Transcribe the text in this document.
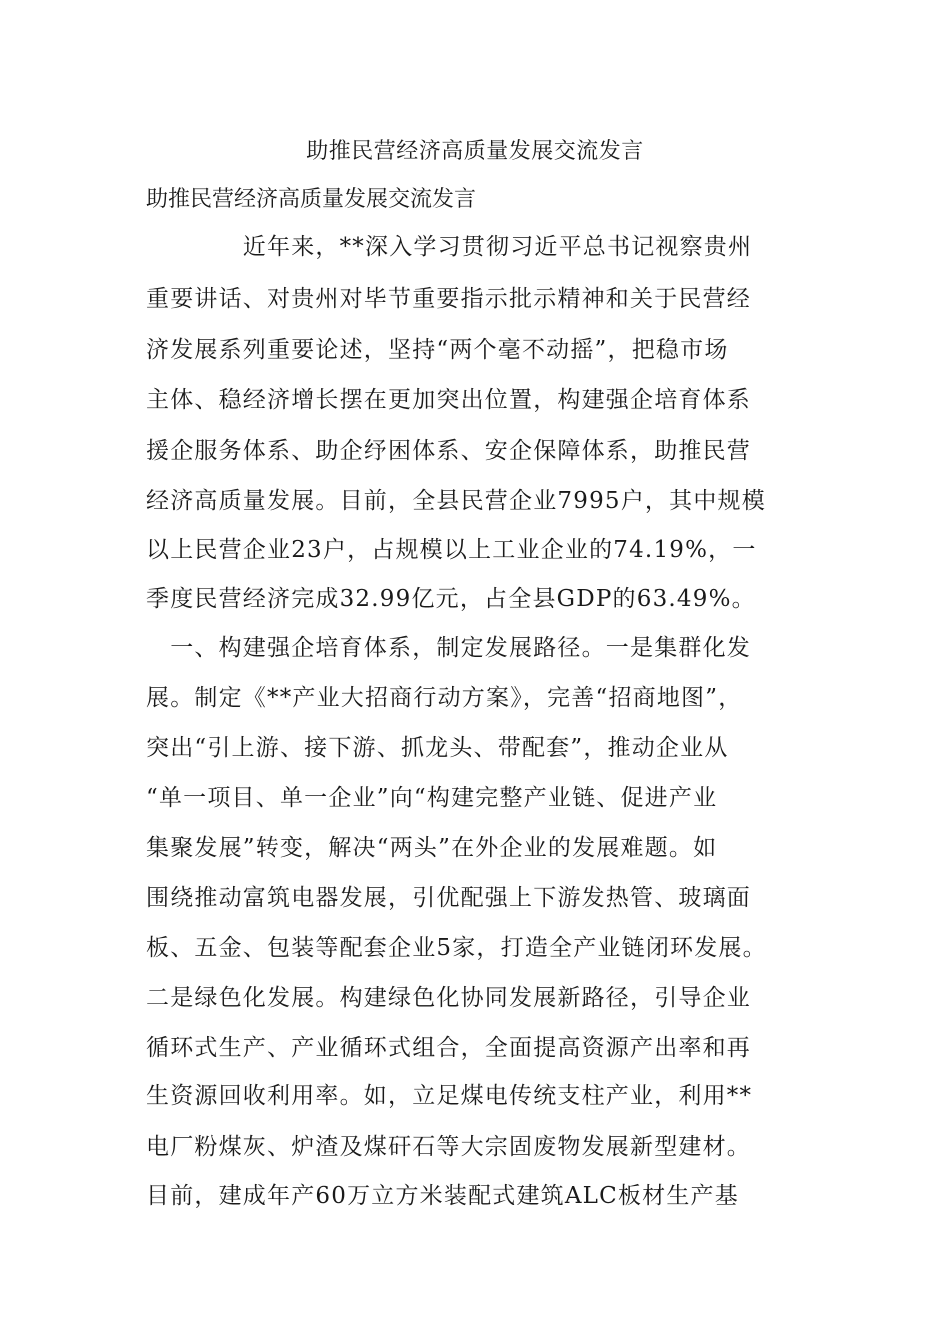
助推民营经济高质量发展交流发言
助推民营经济高质量发展交流发言
　　　　近年来，**深入学习贯彻习近平总书记视察贵州
重要讲话、对贵州对毕节重要指示批示精神和关于民营经
济发展系列重要论述，坚持“两个毫不动摇”，把稳市场
主体、稳经济增长摆在更加突出位置，构建强企培育体系
援企服务体系、助企纾困体系、安企保障体系，助推民营
经济高质量发展。目前，全县民营企业7995户，其中规模
以上民营企业23户，占规模以上工业企业的74.19%，一
季度民营经济完成32.99亿元，占全县GDP的63.49%。
　一、构建强企培育体系，制定发展路径。一是集群化发
展。制定《**产业大招商行动方案》，完善“招商地图”，
突出“引上游、接下游、抓龙头、带配套”，推动企业从
“单一项目、单一企业”向“构建完整产业链、促进产业
集聚发展”转变，解决“两头”在外企业的发展难题。如
围绕推动富筑电器发展，引优配强上下游发热管、玻璃面
板、五金、包装等配套企业5家，打造全产业链闭环发展。
二是绿色化发展。构建绿色化协同发展新路径，引导企业
循环式生产、产业循环式组合，全面提高资源产出率和再
生资源回收利用率。如，立足煤电传统支柱产业，利用**
电厂粉煤灰、炉渣及煤矸石等大宗固废物发展新型建材。
目前，建成年产60万立方米装配式建筑ALC板材生产基
